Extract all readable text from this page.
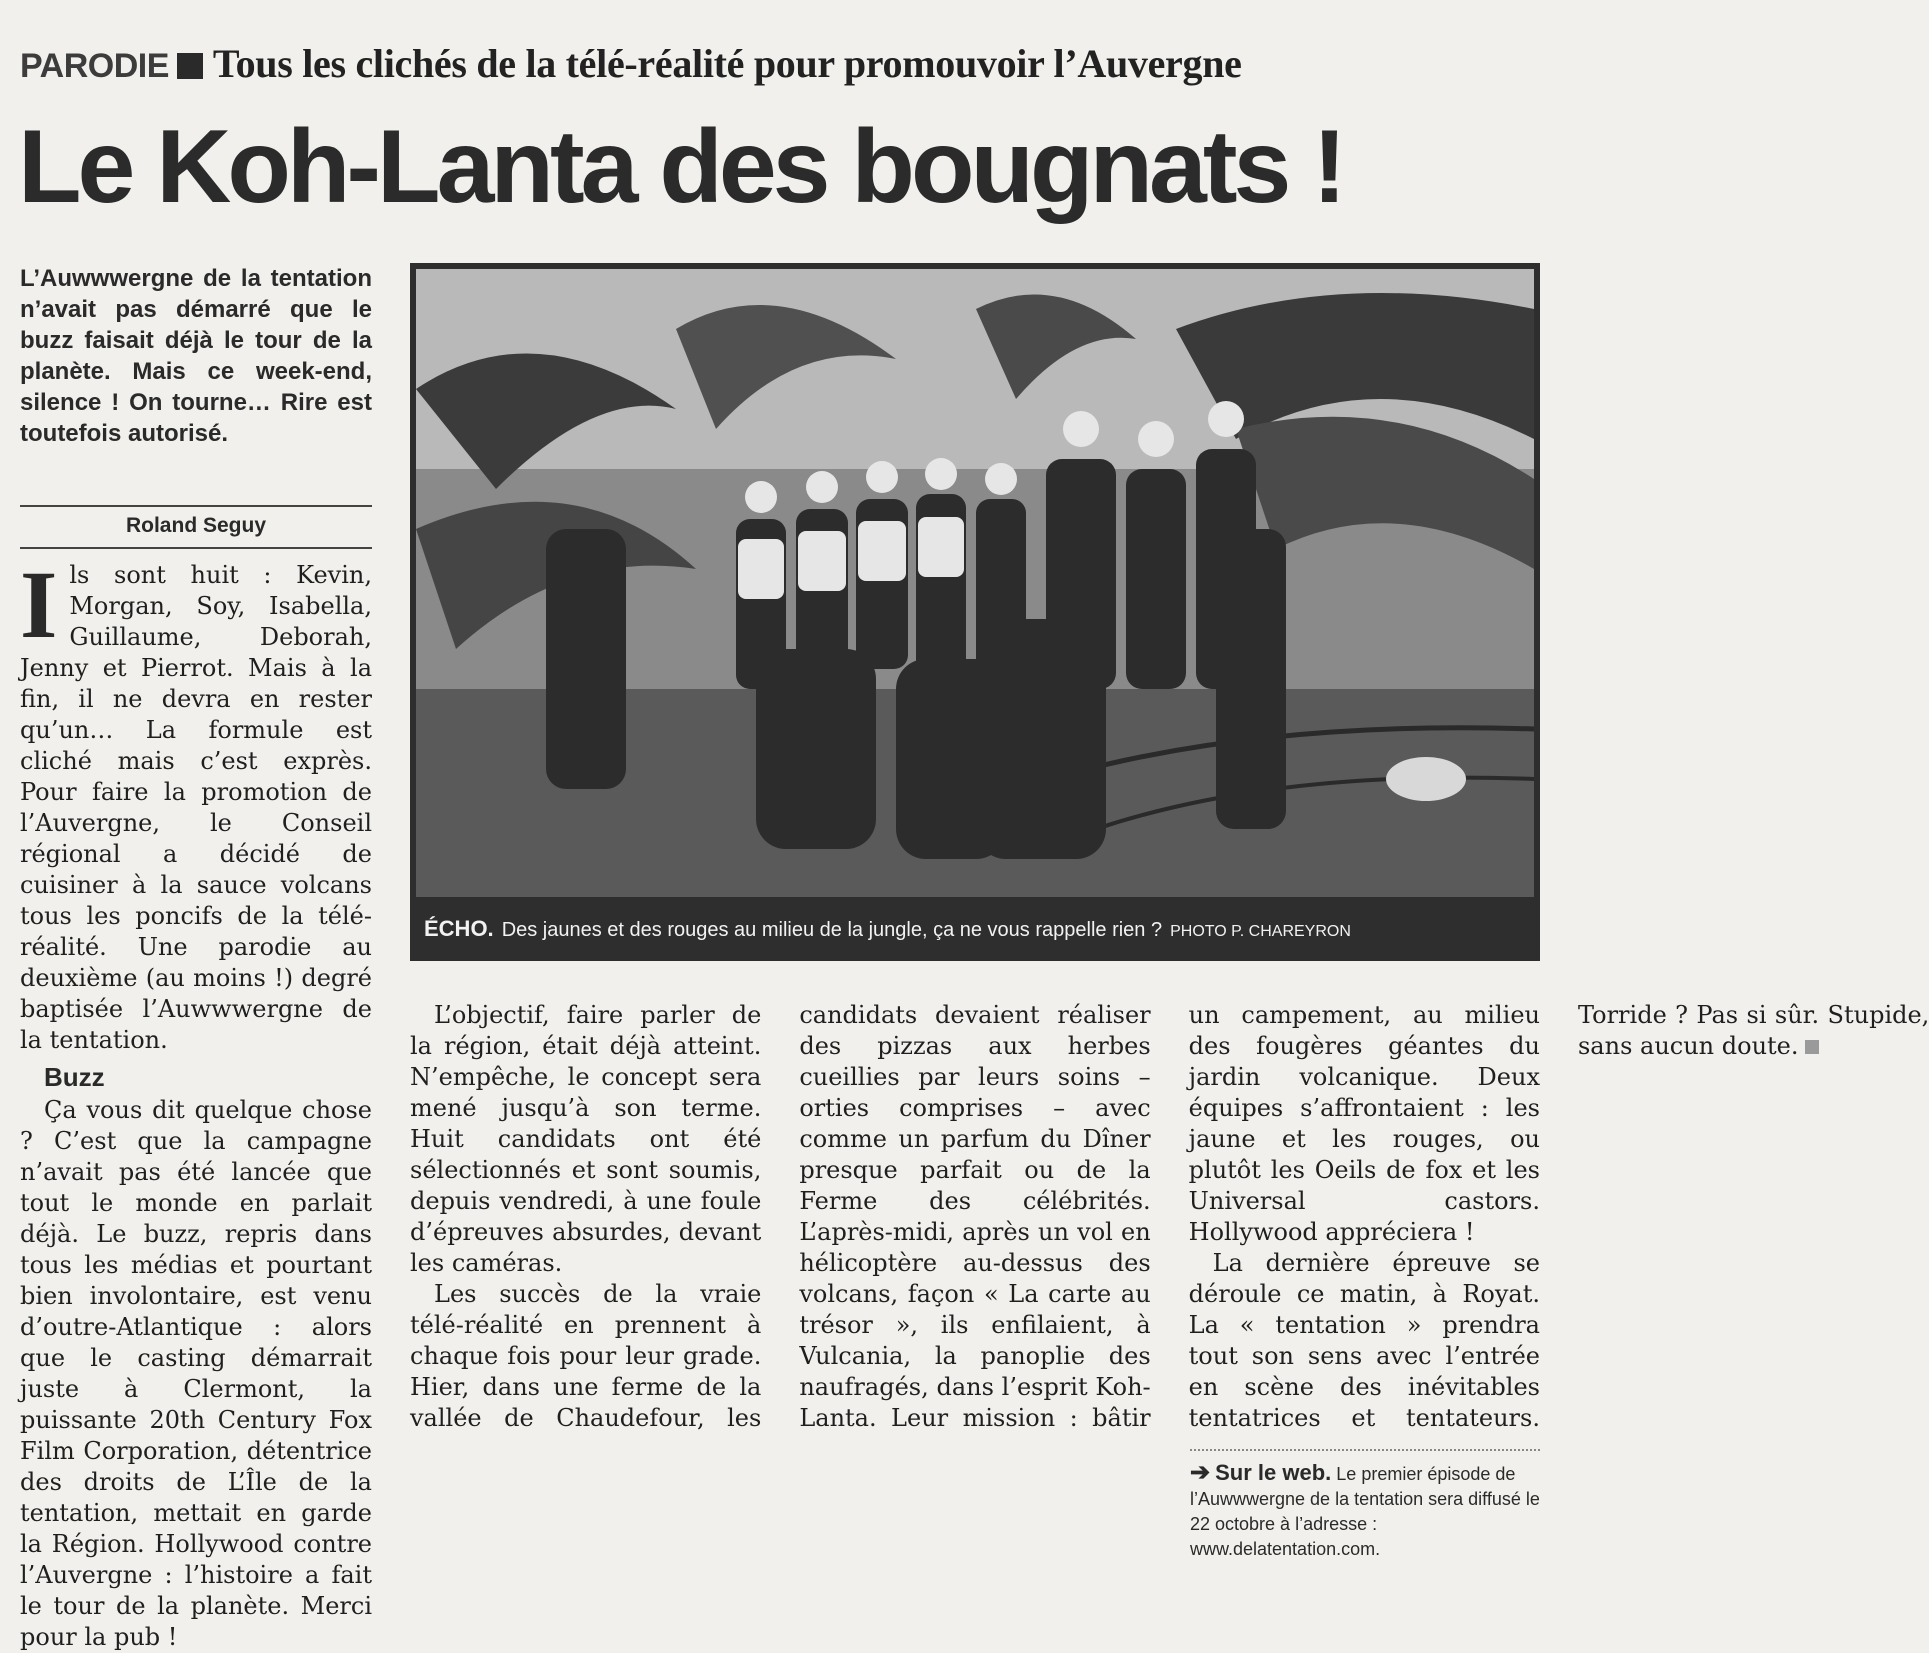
PARODIE Tous les clichés de la télé-réalité pour promouvoir l’Auvergne
Le Koh-Lanta des bougnats !
L’Auwwwergne de la tentation n’avait pas démarré que le buzz faisait déjà le tour de la planète. Mais ce week-end, silence ! On tourne… Rire est toutefois autorisé.
Roland Seguy

Ils sont huit : Kevin, Morgan, Soy, Isabella, Guillaume, Deborah, Jenny et Pierrot. Mais à la fin, il ne devra en rester qu’un… La formule est cliché mais c’est exprès. Pour faire la promotion de l’Auvergne, le Conseil régional a décidé de cuisiner à la sauce volcans tous les poncifs de la télé-réalité. Une parodie au deuxième (au moins !) degré baptisée l’Auwwwergne de la tentation.

Buzz

Ça vous dit quelque chose ? C’est que la campagne n’avait pas été lancée que tout le monde en parlait déjà. Le buzz, repris dans tous les médias et pourtant bien involontaire, est venu d’outre-Atlantique : alors que le casting démarrait juste à Clermont, la puissante 20th Century Fox Film Corporation, détentrice des droits de L’Île de la tentation, mettait en garde la Région. Hollywood contre l’Auvergne : l’histoire a fait le tour de la planète. Merci pour la pub !

ÉCHO. Des jaunes et des rouges au milieu de la jungle, ça ne vous rappelle rien ? PHOTO P. CHAREYRON

L’objectif, faire parler de la région, était déjà atteint. N’empêche, le concept sera mené jusqu’à son terme. Huit candidats ont été sélectionnés et sont soumis, depuis vendredi, à une foule d’épreuves absurdes, devant les caméras.

Les succès de la vraie télé-réalité en prennent à chaque fois pour leur grade. Hier, dans une ferme de la vallée de Chaudefour, les candidats devaient réaliser des pizzas aux herbes cueillies par leurs soins – orties comprises – avec comme un parfum du Dîner presque parfait ou de la Ferme des célébrités. L’après-midi, après un vol en hélicoptère au-dessus des volcans, façon « La carte au trésor », ils enfilaient, à Vulcania, la panoplie des naufragés, dans l’esprit Koh-Lanta. Leur mission : bâtir un campement, au milieu des fougères géantes du jardin volcanique. Deux équipes s’affrontaient : les jaune et les rouges, ou plutôt les Oeils de fox et les Universal castors. Hollywood appréciera !

La dernière épreuve se déroule ce matin, à Royat. La « tentation » prendra tout son sens avec l’entrée en scène des inévitables tentatrices et tentateurs. Torride ? Pas si sûr. Stupide, sans aucun doute.

➔ Sur le web. Le premier épisode de l’Auwwwergne de la tentation sera diffusé le 22 octobre à l’adresse : www.delatentation.com.
